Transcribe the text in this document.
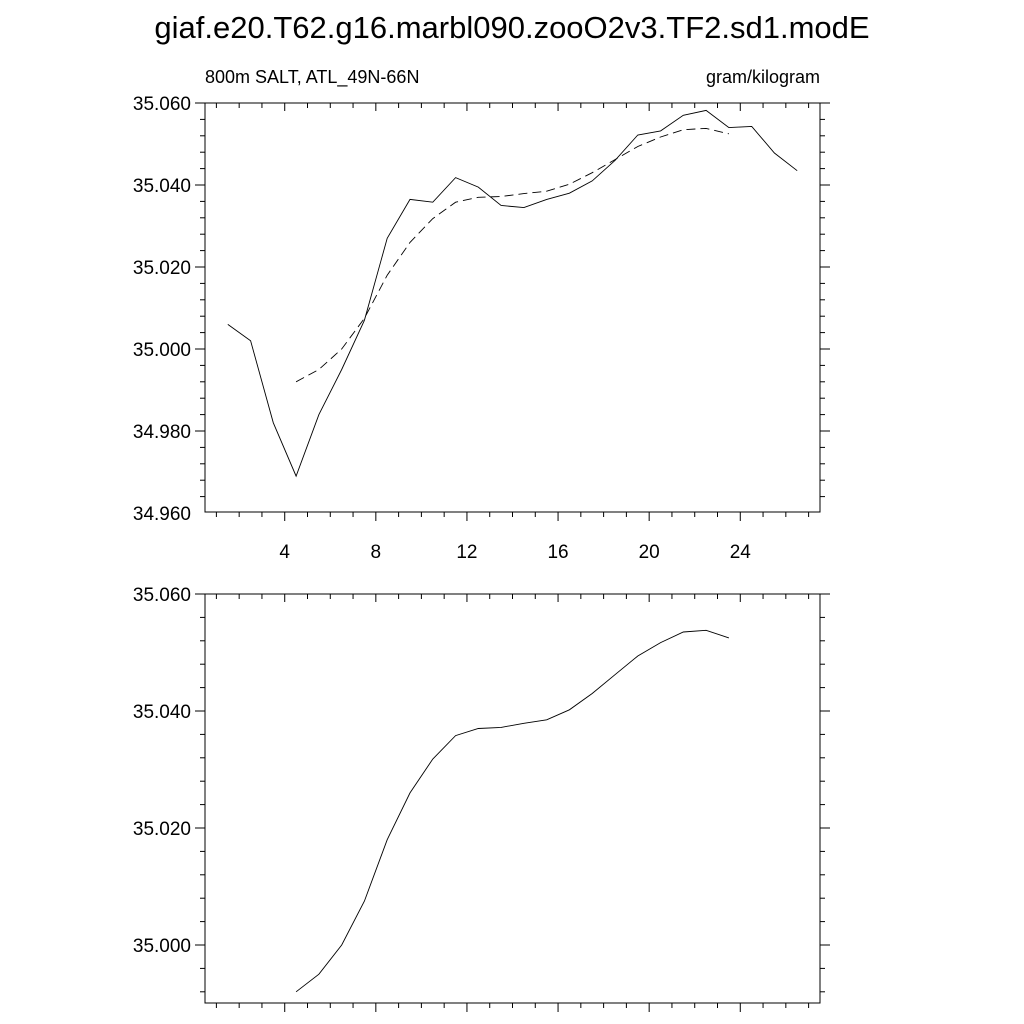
giaf.e20.T62.g16.marbl090.zooO2v3.TF2.sd1.modE
34.960
34.980
35.000
35.020
35.040
35.060
4	8	12	16	20	24
800m SALT, ATL_49N-66N	gram/kilogram
35.000
35.020
35.040
35.060
